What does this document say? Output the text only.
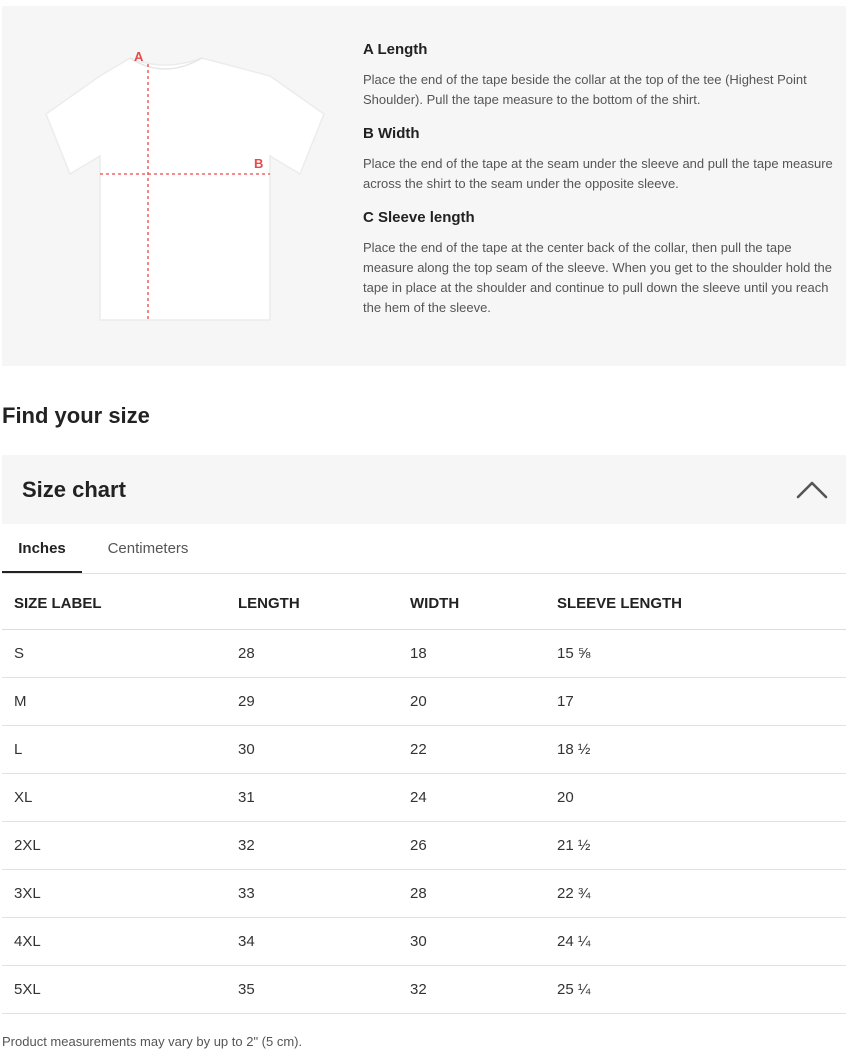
A
B

A Length

Place the end of the tape beside the collar at the top of the tee (Highest Point Shoulder). Pull the tape measure to the bottom of the shirt.

B Width

Place the end of the tape at the seam under the sleeve and pull the tape measure across the shirt to the seam under the opposite sleeve.

C Sleeve length

Place the end of the tape at the center back of the collar, then pull the tape measure along the top seam of the sleeve. When you get to the shoulder hold the tape in place at the shoulder and continue to pull down the sleeve until you reach the hem of the sleeve.

Find your size
Size chart
Inches	Centimeters
SIZE LABEL	LENGTH	WIDTH	SLEEVE LENGTH
S	28	18	15 ⅝
M	29	20	17
L	30	22	18 ½
XL	31	24	20
2XL	32	26	21 ½
3XL	33	28	22 ¾
4XL	34	30	24 ¼
5XL	35	32	25 ¼
Product measurements may vary by up to 2" (5 cm).
